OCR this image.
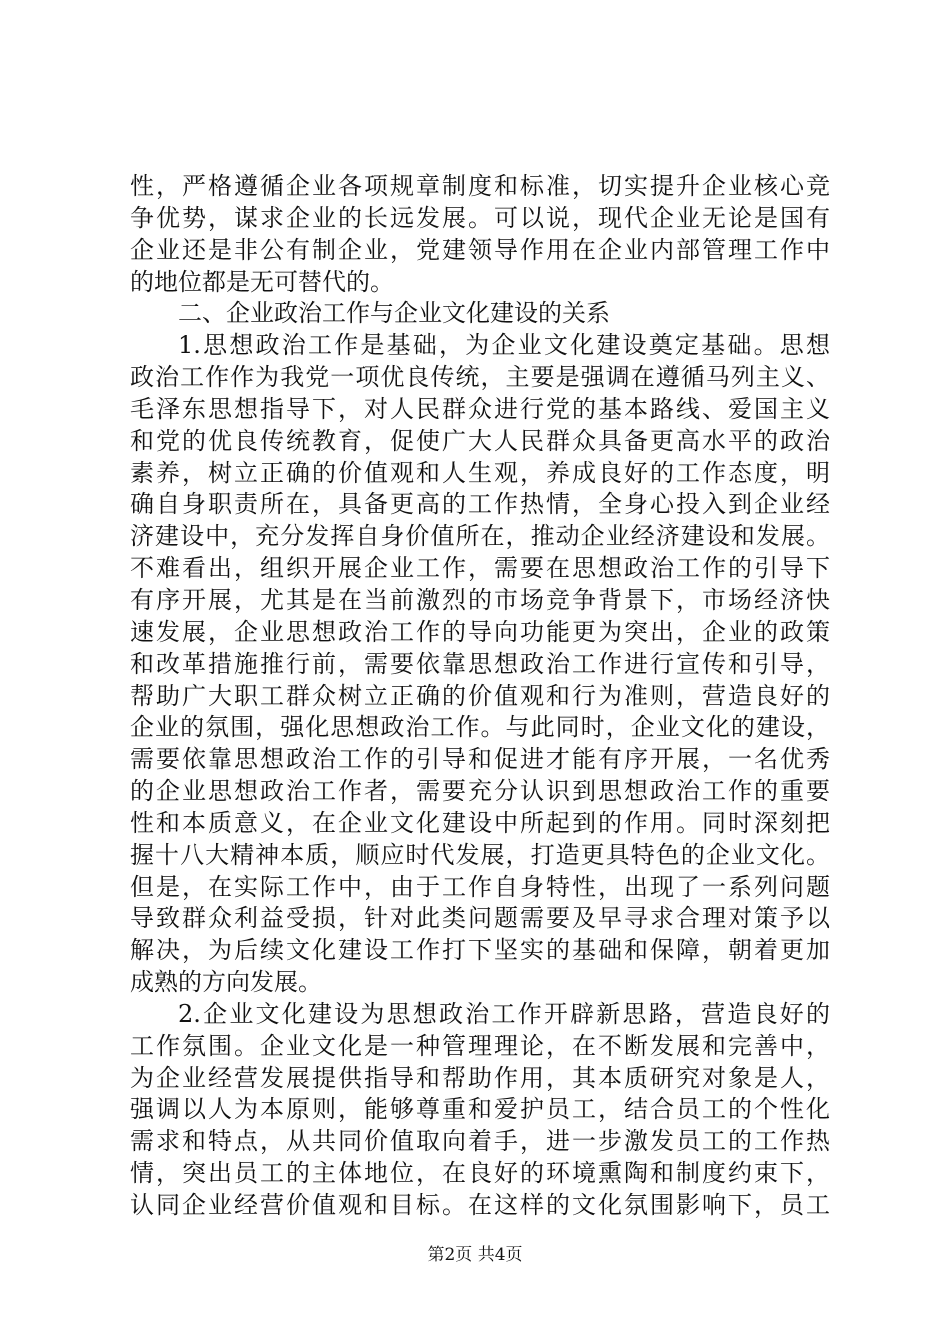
性，严格遵循企业各项规章制度和标准，切实提升企业核心竞
争优势，谋求企业的长远发展。可以说，现代企业无论是国有
企业还是非公有制企业，党建领导作用在企业内部管理工作中
的地位都是无可替代的。
二、企业政治工作与企业文化建设的关系
1.思想政治工作是基础，为企业文化建设奠定基础。思想
政治工作作为我党一项优良传统，主要是强调在遵循马列主义、
毛泽东思想指导下，对人民群众进行党的基本路线、爱国主义
和党的优良传统教育，促使广大人民群众具备更高水平的政治
素养，树立正确的价值观和人生观，养成良好的工作态度，明
确自身职责所在，具备更高的工作热情，全身心投入到企业经
济建设中，充分发挥自身价值所在，推动企业经济建设和发展。
不难看出，组织开展企业工作，需要在思想政治工作的引导下
有序开展，尤其是在当前激烈的市场竞争背景下，市场经济快
速发展，企业思想政治工作的导向功能更为突出，企业的政策
和改革措施推行前，需要依靠思想政治工作进行宣传和引导，
帮助广大职工群众树立正确的价值观和行为准则，营造良好的
企业的氛围，强化思想政治工作。与此同时，企业文化的建设，
需要依靠思想政治工作的引导和促进才能有序开展，一名优秀
的企业思想政治工作者，需要充分认识到思想政治工作的重要
性和本质意义，在企业文化建设中所起到的作用。同时深刻把
握十八大精神本质，顺应时代发展，打造更具特色的企业文化。
但是，在实际工作中，由于工作自身特性，出现了一系列问题
导致群众利益受损，针对此类问题需要及早寻求合理对策予以
解决，为后续文化建设工作打下坚实的基础和保障，朝着更加
成熟的方向发展。
2.企业文化建设为思想政治工作开辟新思路，营造良好的
工作氛围。企业文化是一种管理理论，在不断发展和完善中，
为企业经营发展提供指导和帮助作用，其本质研究对象是人，
强调以人为本原则，能够尊重和爱护员工，结合员工的个性化
需求和特点，从共同价值取向着手，进一步激发员工的工作热
情，突出员工的主体地位，在良好的环境熏陶和制度约束下，
认同企业经营价值观和目标。在这样的文化氛围影响下，员工
第2页 共4页
